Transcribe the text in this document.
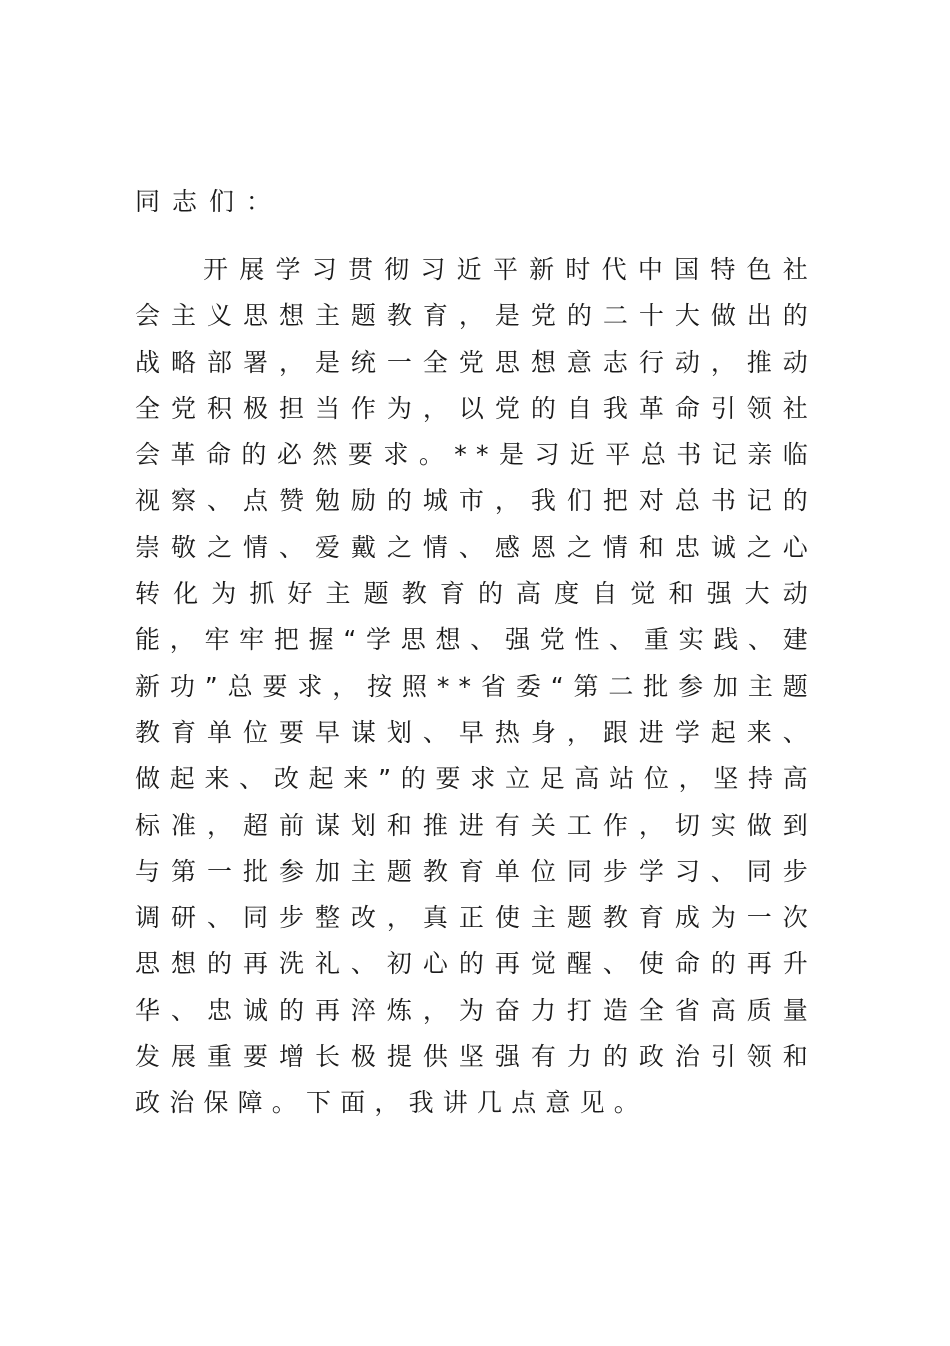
同志们：
开展学习贯彻习近平新时代中国特色社会主义思想主题教育，是党的二十大做出的战略部署，是统一全党思想意志行动，推动全党积极担当作为，以党的自我革命引领社会革命的必然要求。**是习近平总书记亲临视察、点赞勉励的城市，我们把对总书记的崇敬之情、爱戴之情、感恩之情和忠诚之心转化为抓好主题教育的高度自觉和强大动能，牢牢把握“学思想、强党性、重实践、建新功”总要求，按照**省委“第二批参加主题教育单位要早谋划、早热身，跟进学起来、做起来、改起来”的要求立足高站位，坚持高标准，超前谋划和推进有关工作，切实做到与第一批参加主题教育单位同步学习、同步调研、同步整改，真正使主题教育成为一次思想的再洗礼、初心的再觉醒、使命的再升华、忠诚的再淬炼，为奋力打造全省高质量发展重要增长极提供坚强有力的政治引领和政治保障。下面，我讲几点意见。
